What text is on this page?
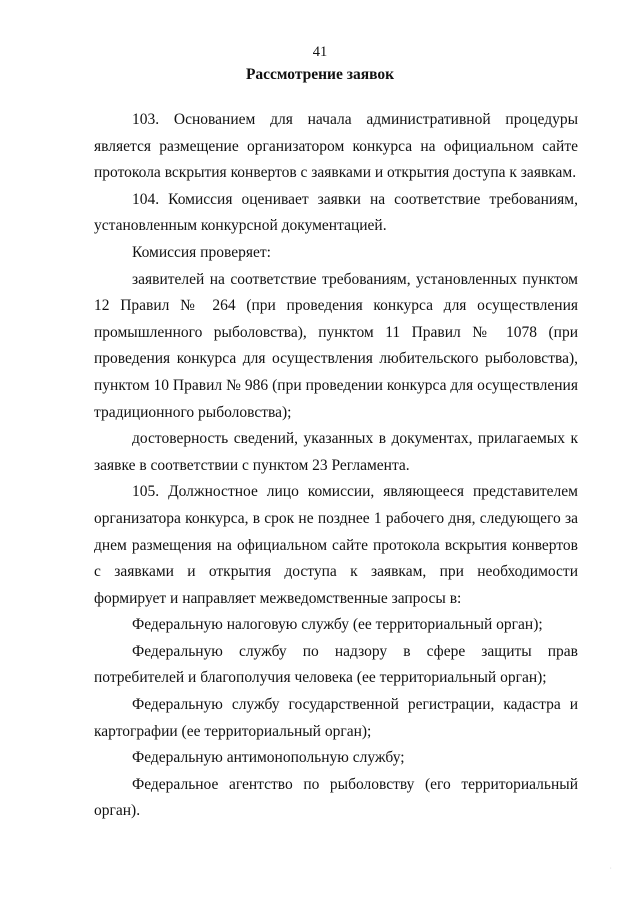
41
Рассмотрение заявок

103. Основанием для начала административной процедуры является размещение организатором конкурса на официальном сайте протокола вскрытия конвертов с заявками и открытия доступа к заявкам.

104. Комиссия оценивает заявки на соответствие требованиям, установленным конкурсной документацией.

Комиссия проверяет:

заявителей на соответствие требованиям, установленных пунктом 12 Правил № 264 (при проведения конкурса для осуществления промышленного рыболовства), пунктом 11 Правил № 1078 (при проведения конкурса для осуществления любительского рыболовства), пунктом 10 Правил № 986 (при проведении конкурса для осуществления традиционного рыболовства);

достоверность сведений, указанных в документах, прилагаемых к заявке в соответствии с пунктом 23 Регламента.

105. Должностное лицо комиссии, являющееся представителем организатора конкурса, в срок не позднее 1 рабочего дня, следующего за днем размещения на официальном сайте протокола вскрытия конвертов с заявками и открытия доступа к заявкам, при необходимости формирует и направляет межведомственные запросы в:

Федеральную налоговую службу (ее территориальный орган);

Федеральную службу по надзору в сфере защиты прав потребителей и благополучия человека (ее территориальный орган);

Федеральную службу государственной регистрации, кадастра и картографии (ее территориальный орган);

Федеральную антимонопольную службу;

Федеральное агентство по рыболовству (его территориальный орган).

˙
